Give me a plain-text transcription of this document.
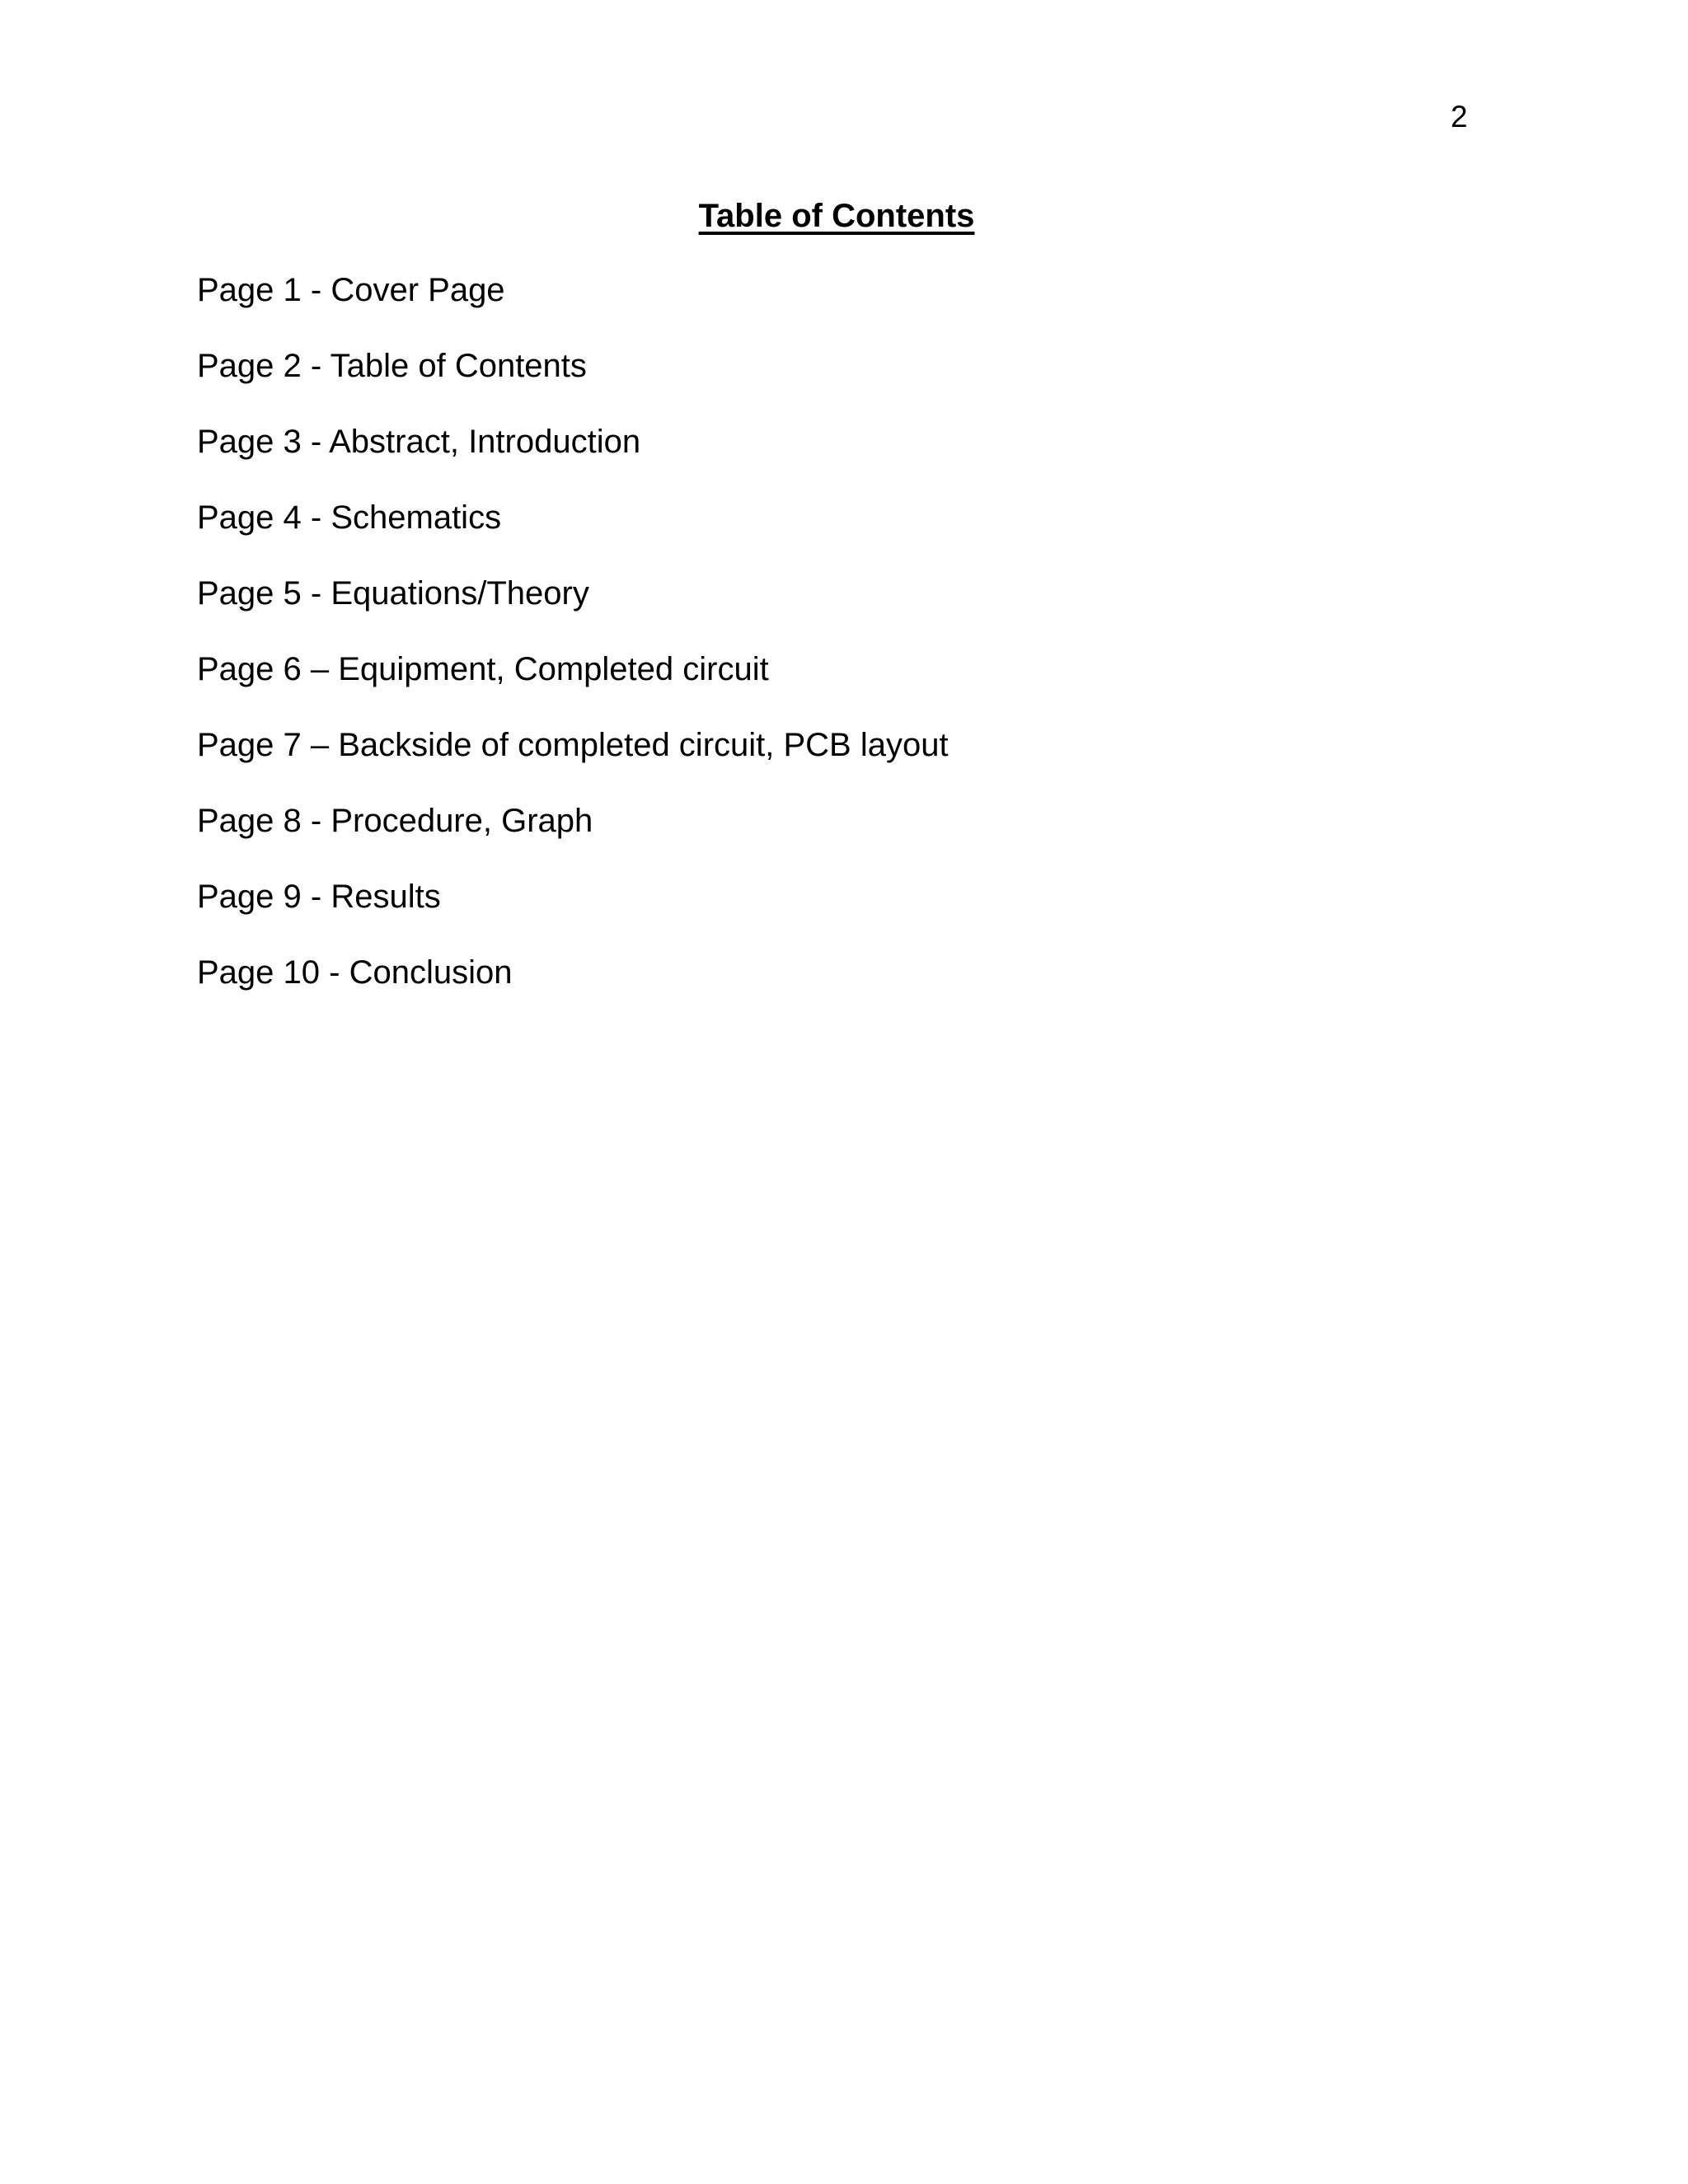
2
Table of Contents
Page 1 - Cover Page
Page 2 - Table of Contents
Page 3 - Abstract, Introduction
Page 4 - Schematics
Page 5 - Equations/Theory
Page 6 – Equipment, Completed circuit
Page 7 – Backside of completed circuit, PCB layout
Page 8 - Procedure, Graph
Page 9 - Results
Page 10 - Conclusion
